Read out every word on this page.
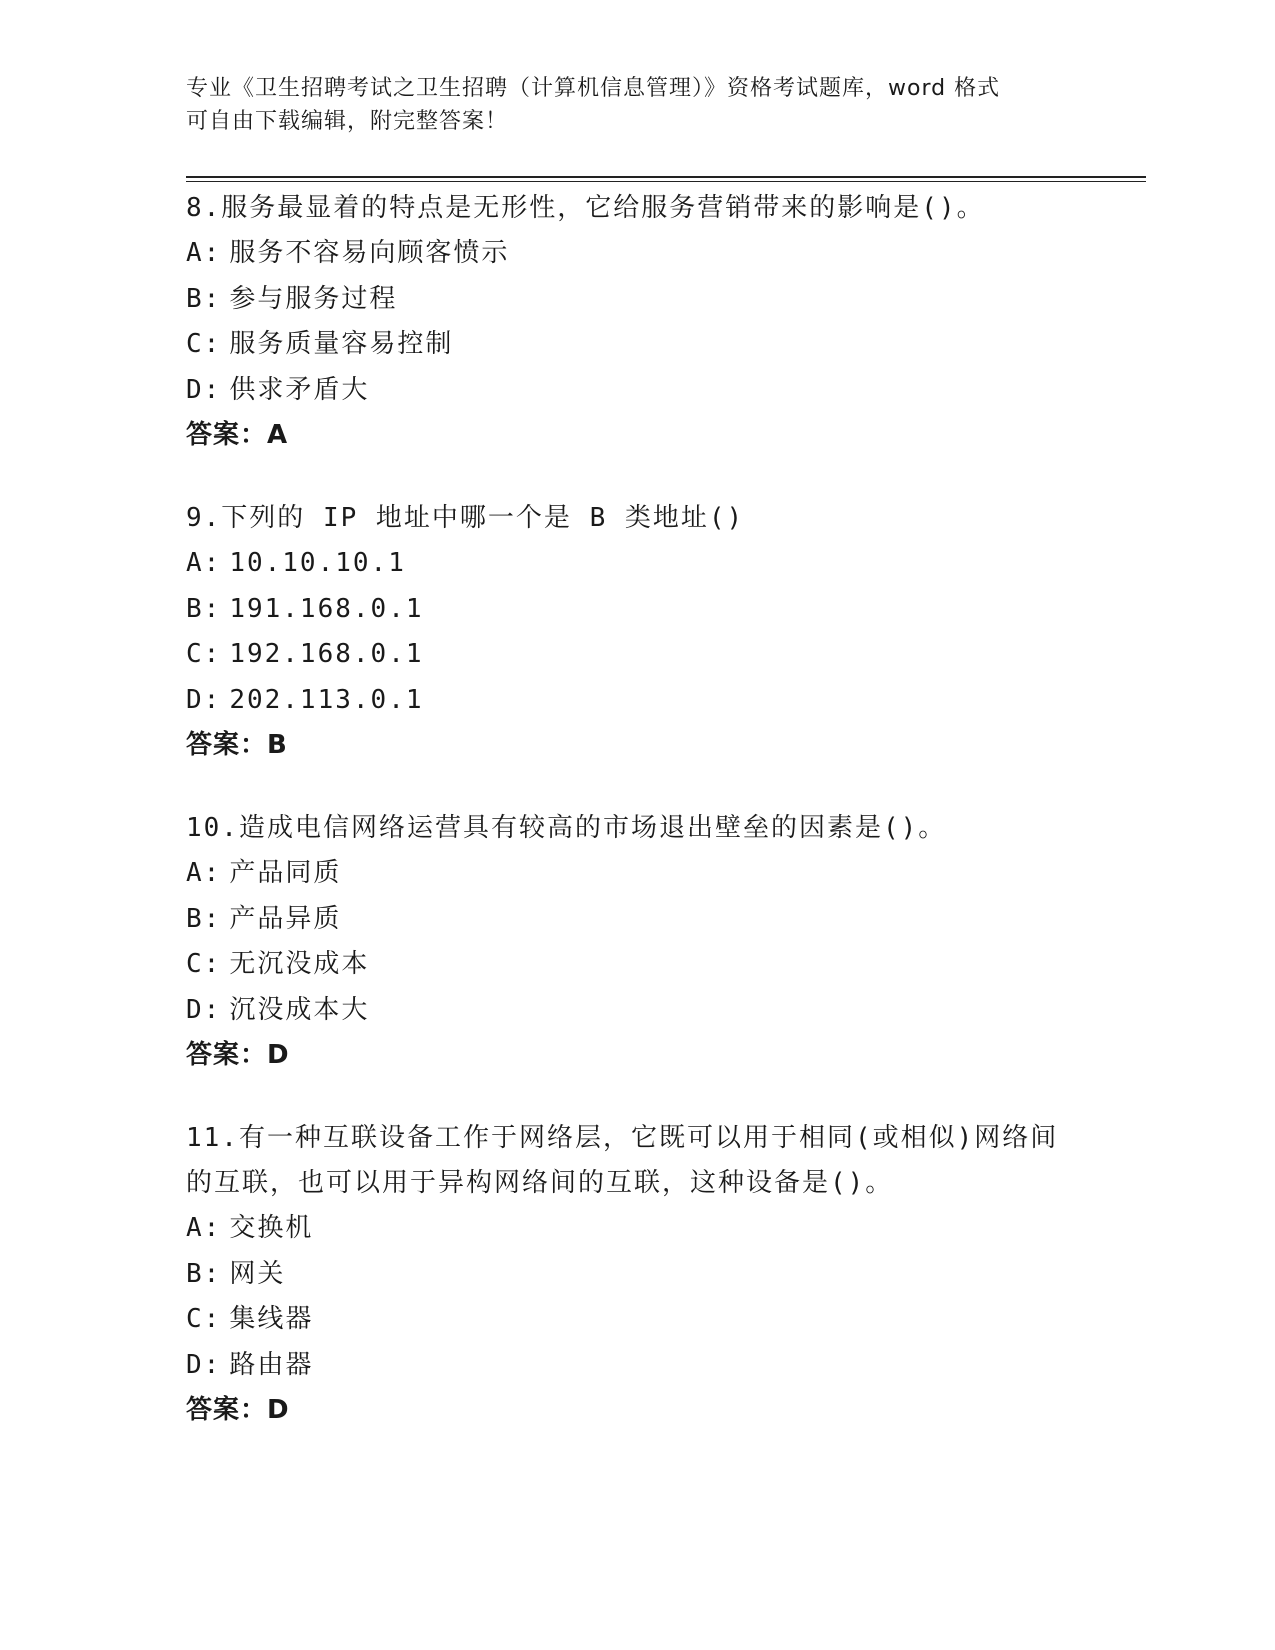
专业《卫生招聘考试之卫生招聘（计算机信息管理）》资格考试题库，word 格式
可自由下载编辑，附完整答案！
8.服务最显着的特点是无形性，它给服务营销带来的影响是()。
A: 服务不容易向顾客愤示
B: 参与服务过程
C: 服务质量容易控制
D: 供求矛盾大
答案：A
9.下列的 IP 地址中哪一个是 B 类地址()
A: 10.10.10.1
B: 191.168.0.1
C: 192.168.0.1
D: 202.113.0.1
答案：B
10.造成电信网络运营具有较高的市场退出壁垒的因素是()。
A: 产品同质
B: 产品异质
C: 无沉没成本
D: 沉没成本大
答案：D
11.有一种互联设备工作于网络层，它既可以用于相同(或相似)网络间
的互联，也可以用于异构网络间的互联，这种设备是()。
A: 交换机
B: 网关
C: 集线器
D: 路由器
答案：D
